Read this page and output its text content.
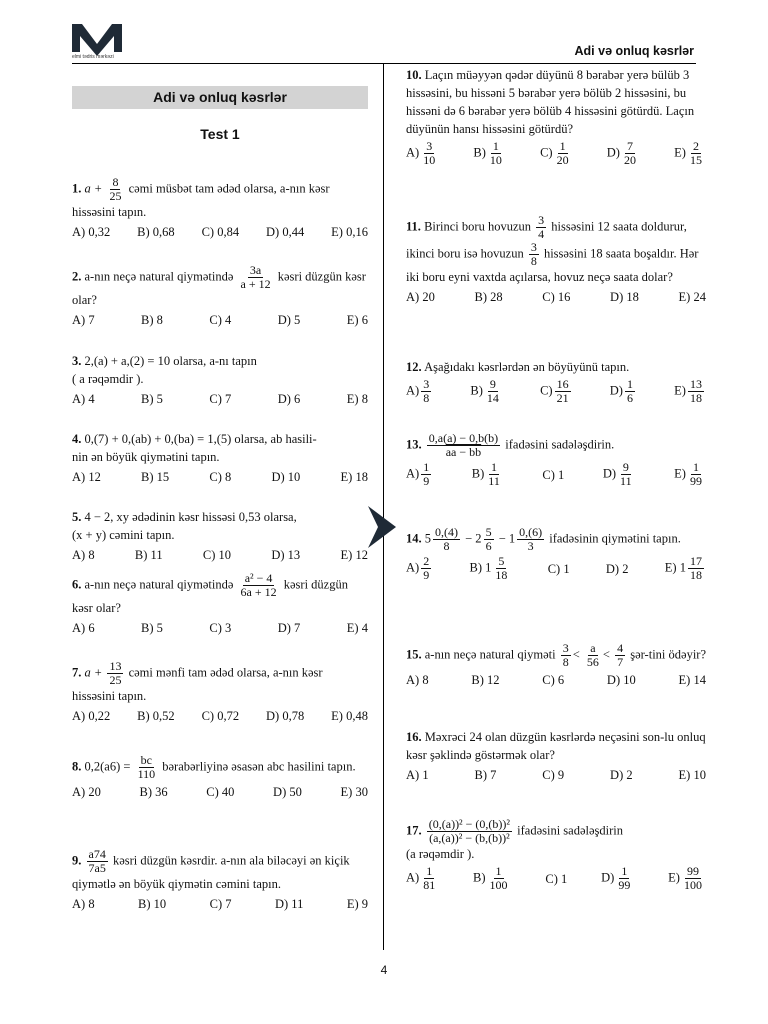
elmi tədris mərkəzi	Adi və onluq kəsrlər
Adi və onluq kəsrlər
Test 1
1. $a + \frac{8}{25}$ cəmi müsbət tam ədəd olarsa, a-nın kəsr hissəsini tapın.
A) 0,32 B) 0,68 C) 0,84 D) 0,44 E) 0,16
2. a-nın neçə natural qiymətində $\frac{3a}{a + 12}$ kəsri düzgün kəsr olar?
A) 7	B) 8	C) 4	D) 5	E) 6
3. 2,(a) + a,(2) = 10 olarsa, a-nı tapın
( a rəqəmdir ).
A) 4	B) 5	C) 7	D) 6	E) 8
4. 0,(7) + 0,(ab) + 0,(ba) = 1,(5) olarsa, ab hasili-
nin ən böyük qiymətini tapın.
A) 12	B) 15	C) 8	D) 10	E) 18
5. 4 − 2, xy ədədinin kəsr hissəsi 0,53 olarsa,
(x + y) cəmini tapın.
A) 8	B) 11	C) 10	D) 13	E) 12
6. a-nın neçə natural qiymətində $\frac{\text{a² − 4}}{6a + 12}$ kəsri düzgün kəsr olar?
A) 6	B) 5	C) 3	D) 7	E) 4
7. $a + \frac{13}{25}$ cəmi mənfi tam ədəd olarsa, a-nın kəsr hissəsini tapın.
A) 0,22 B) 0,52 C) 0,72 D) 0,78 E) 0,48
8. $0,2(a6) = \frac{bc}{110}$ bərabərliyinə əsasən abc hasilini tapın.
A) 20	B) 36	C) 40	D) 50	E) 30
9. $\frac{a74}{7a5}$ kəsri düzgün kəsrdir. a-nın ala biləcəyi ən kiçik qiymətlə ən böyük qiymətin cəmini tapın.
A) 8	B) 10	C) 7	D) 11	E) 9
10. Laçın müəyyən qədər düyünü 8 bərabər yerə bülüb 3 hissəsini, bu hissəni 5 bərabər yerə bölüb 2 hissəsini, bu hissəni də 6 bərabər yerə bölüb 4 hissəsini götürdü. Laçın düyünün hansı hissəsini götürdü?
$A) \frac{3}{10}$	$B) \frac{1}{10}$	$C) \frac{1}{20}$	$D) \frac{7}{20}$	$E) \frac{2}{15}$
11. Birinci boru hovuzun $\frac{3}{4}$ hissəsini 12 saata doldurur, ikinci boru isə hovuzun $\frac{3}{8}$ hissəsini 18 saata boşaldır. Hər iki boru eyni vaxtda açılarsa, hovuz neçə saata dolar?
A) 20	B) 28	C) 16	D) 18	E) 24
12. Aşağıdakı kəsrlərdən ən böyüyünü tapın.
$A) \frac{3}{8}$	$B) \frac{9}{14}$	$C) \frac{16}{21}$	$D) \frac{1}{6}$	$E) \frac{13}{18}$
13. $\frac{0,a(a) - 0,b(b)}{aa - bb}$ ifadəsini sadələşdirin.
$A) \frac{1}{9}$	$B) \frac{1}{11}$	C) 1	$D) \frac{9}{11}$	$E) \frac{1}{99}$
14. $5 \frac{0,(4)}{8} - 2 \frac{5}{6} - 1 \frac{0,(6)}{3}$ ifadəsinin qiymətini tapın.
$A) \frac{2}{9}$	B) $1 \frac{5}{18}$	C) 1	D) 2	E) $1 \frac{17}{18}$
15. a-nın neçə natural qiyməti $\frac{3}{8} < \frac{a}{56} < \frac{4}{7}$ şər-tini ödəyir?
A) 8	B) 12	C) 6	D) 10	E) 14
16. Məxrəci 24 olan düzgün kəsrlərdə neçəsini son-lu onluq kəsr şəklində göstərmək olar?
A) 1	B) 7	C) 9	D) 2	E) 10
17. $\frac{\text{(0,(a))² − (0,(b))²}}{\text{(a,(a))² − (b,(b))²}}$ ifadəsini sadələşdirin
(a rəqəmdir ).
$A) \frac{1}{81}$	$B) \frac{1}{100}$	C) 1	$D) \frac{1}{99}$	$E) \frac{99}{100}$
4
